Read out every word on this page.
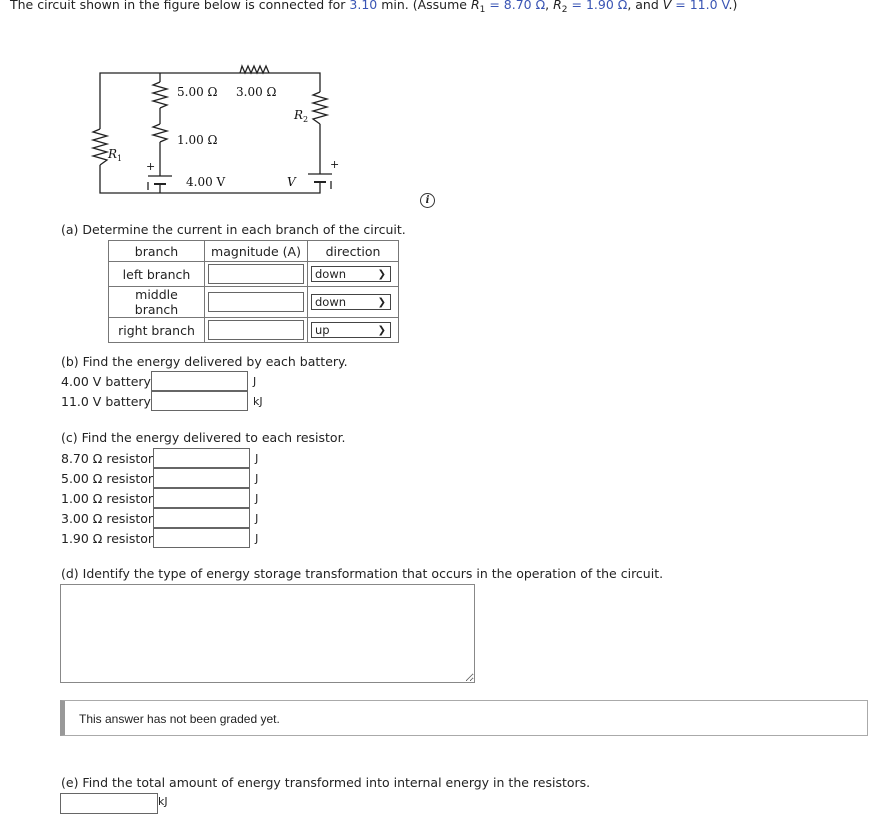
The circuit shown in the figure below is connected for 3.10 min. (Assume $R_1 = 8.70$ Ω, $R_2 = 1.90$ Ω, and V = 11.0 V.)
5.00 Ω 3.00 Ω
1.00 Ω
R 1
R 2
4.00 V	V
+	+
i
(a) Determine the current in each branch of the circuit.
branch	magnitude (A)	direction
left branch		down ❯

middle branch		down ❯

right branch		up ❯
(b) Find the energy delivered by each battery.
4.00 V battery	J
11.0 V battery	kJ
(c) Find the energy delivered to each resistor.
8.70 Ω resistor	J
5.00 Ω resistor	J
1.00 Ω resistor	J
3.00 Ω resistor	J
1.90 Ω resistor	J
(d) Identify the type of energy storage transformation that occurs in the operation of the circuit.
This answer has not been graded yet.
(e) Find the total amount of energy transformed into internal energy in the resistors.
kJ
